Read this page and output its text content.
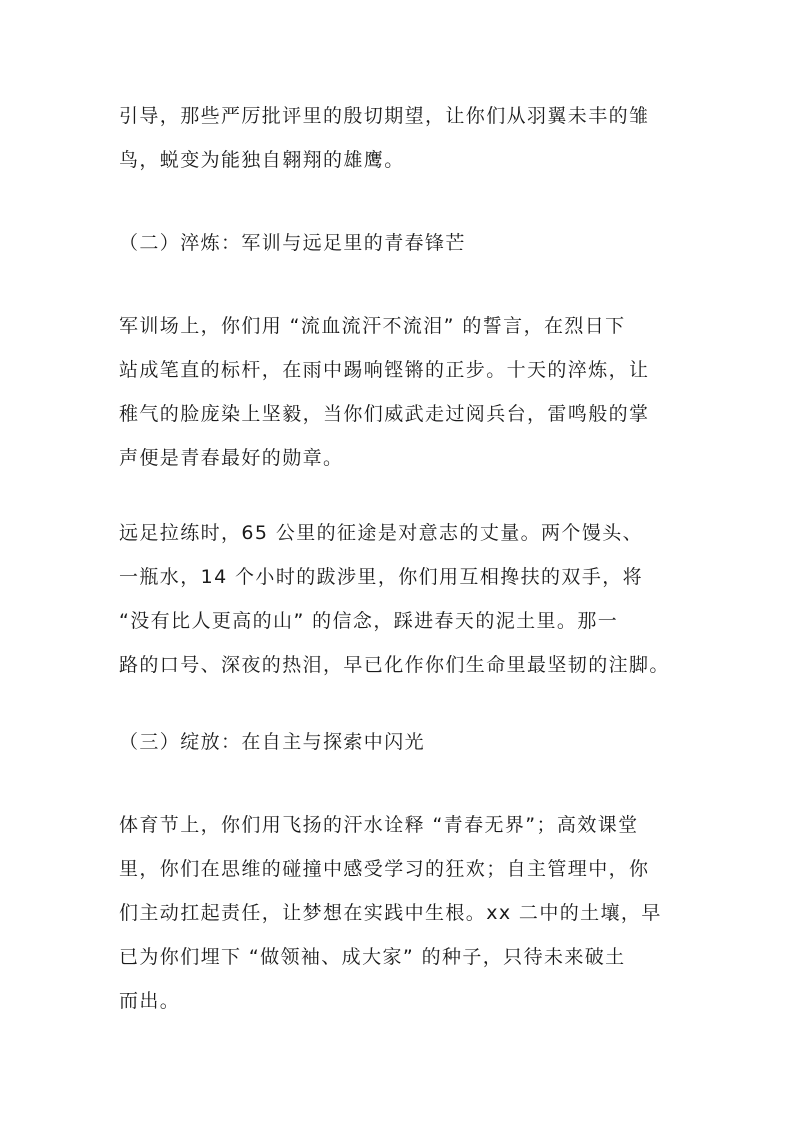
引导，那些严厉批评里的殷切期望，让你们从羽翼未丰的雏
鸟，蜕变为能独自翱翔的雄鹰。
（二）淬炼：军训与远足里的青春锋芒
军训场上，你们用 “流血流汗不流泪” 的誓言，在烈日下
站成笔直的标杆，在雨中踢响铿锵的正步。十天的淬炼，让
稚气的脸庞染上坚毅，当你们威武走过阅兵台，雷鸣般的掌
声便是青春最好的勋章。
远足拉练时，65 公里的征途是对意志的丈量。两个馒头、
一瓶水，14 个小时的跋涉里，你们用互相搀扶的双手，将
“没有比人更高的山” 的信念，踩进春天的泥土里。那一
路的口号、深夜的热泪，早已化作你们生命里最坚韧的注脚。
（三）绽放：在自主与探索中闪光
体育节上，你们用飞扬的汗水诠释 “青春无界”；高效课堂
里，你们在思维的碰撞中感受学习的狂欢；自主管理中，你
们主动扛起责任，让梦想在实践中生根。xx 二中的土壤，早
已为你们埋下 “做领袖、成大家” 的种子，只待未来破土
而出。
